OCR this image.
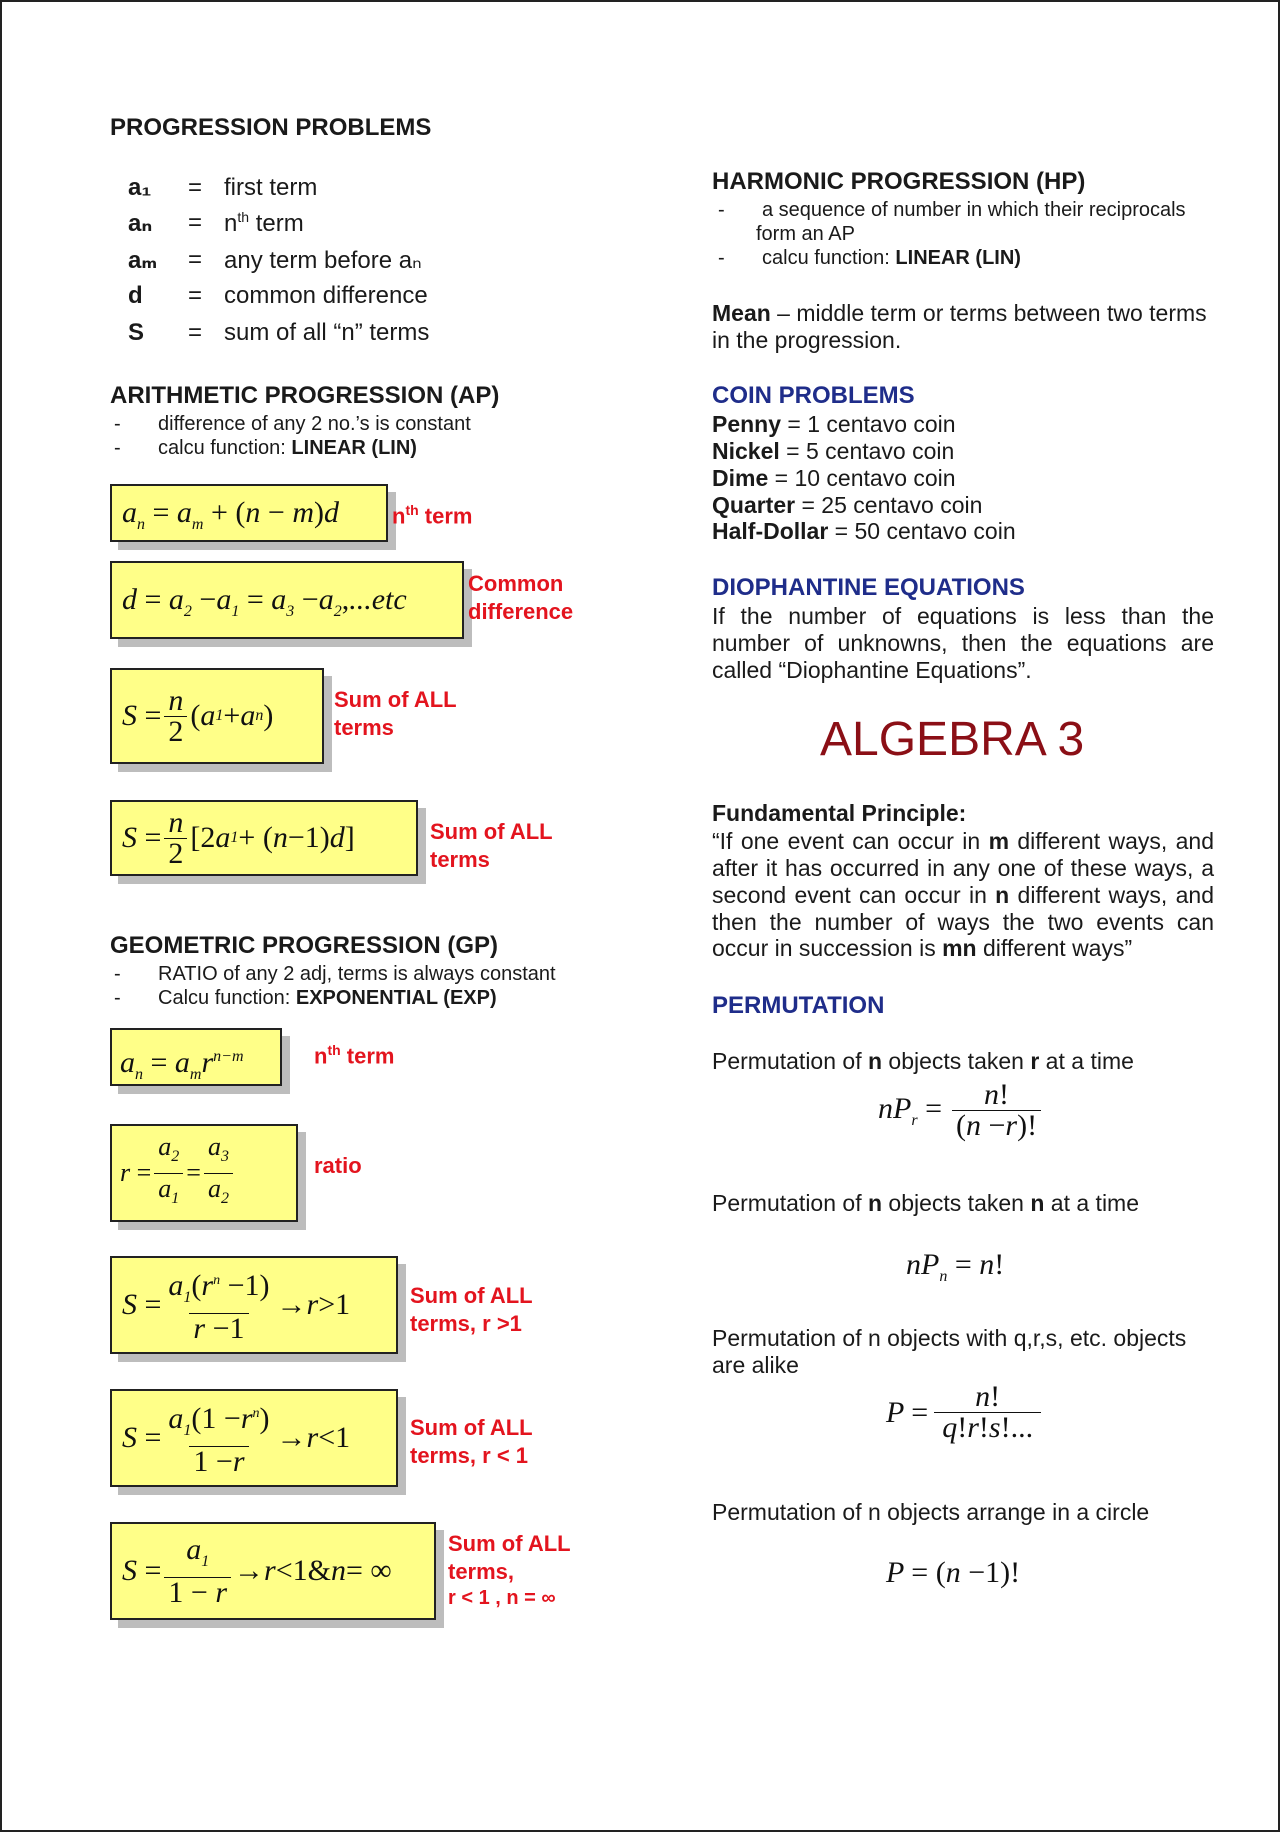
PROGRESSION PROBLEMS
a₁ = first term
$a_n = n^{th}$ term
aₘ = any term before aₙ
d = common difference
S = sum of all “n” terms
ARITHMETIC PROGRESSION (AP)
- difference of any 2 no.’s is constant
- calcu function: LINEAR (LIN)
$a_n = a_m + (n - m)d$	$n^{th}$ term
$d = a_2 -a_1 = a_3 -a_2,...etc$	Common
difference
$S = \frac{n}{2}$ ( a 1 + a n )	Sum of ALL
terms
$S = \frac{n}{2} [2$ a 1 + ( n −1) d ]	Sum of ALL
terms
GEOMETRIC PROGRESSION (GP)
- RATIO of any 2 adj, terms is always constant
- Calcu function: EXPONENTIAL (EXP)
$a_n = a_mr^{n-m}$	$n^{th}$ term
$r = \frac{a_2}{a_1} = \frac{a_3}{a_2}$	ratio
$S = \frac{a_1(r^n -1)}{r -1} \to r >1$	Sum of ALL
terms, r >1
$S = \frac{a_1(1 -r^n)}{1 -r} \to r <1$	Sum of ALL
terms, r < 1
$S = \frac{a_1}{1 - r} \to r$ <1& n = ∞
Sum of ALL
terms,
r < 1 , n = ∞
HARMONIC PROGRESSION (HP)
- a sequence of number in which their reciprocals
form an AP
- calcu function: LINEAR (LIN)
Mean – middle term or terms between two terms
in the progression.
COIN PROBLEMS
Penny = 1 centavo coin
Nickel = 5 centavo coin
Dime = 10 centavo coin
Quarter = 25 centavo coin
Half-Dollar = 50 centavo coin
DIOPHANTINE EQUATIONS
If the number of equations is less than the
number of unknowns, then the equations are
called “Diophantine Equations”.
ALGEBRA 3
Fundamental Principle:
“If one event can occur in m different ways, and
after it has occurred in any one of these ways, a
second event can occur in n different ways, and
then the number of ways the two events can
occur in succession is mn different ways”
PERMUTATION
Permutation of n objects taken r at a time
$nP_r = \frac{n!}{(n -r)!}$
Permutation of n objects taken n at a time
$nP_n = n$!
Permutation of n objects with q,r,s, etc. objects
are alike
$P = \frac{n!}{q!r!s!...}$
Permutation of n objects arrange in a circle
P = (n −1)!
